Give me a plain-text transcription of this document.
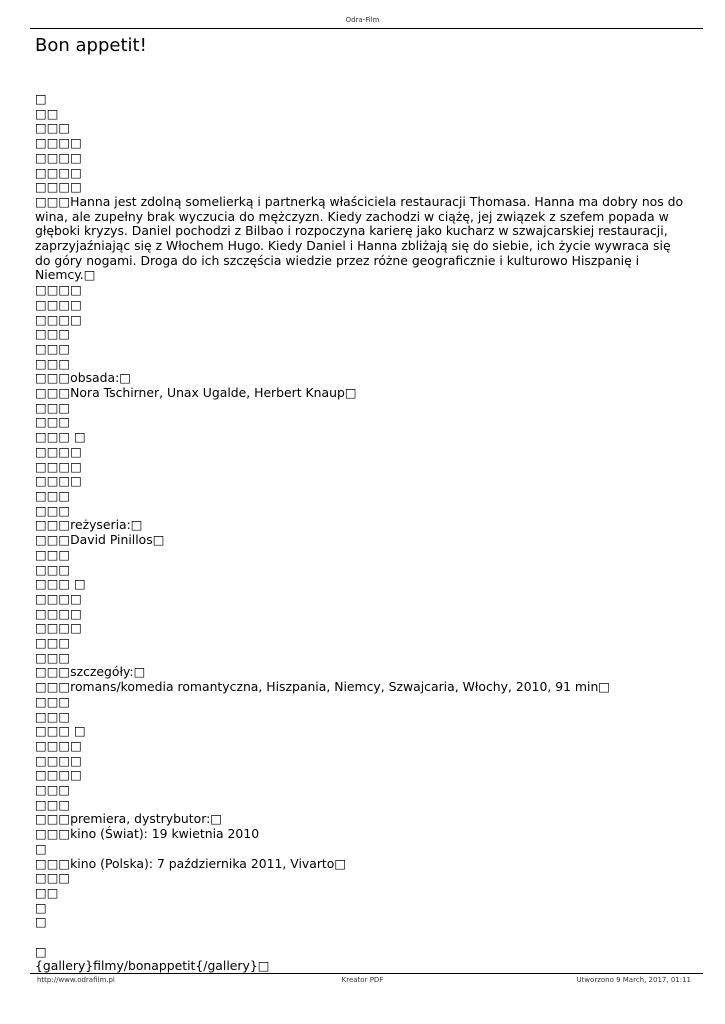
Odra-Film
Bon appetit!
□
□□
□□□
□□□□
□□□□
□□□□
□□□□
□□□Hanna jest zdolną somelierką i partnerką właściciela restauracji Thomasa. Hanna ma dobry nos do wina, ale zupełny brak wyczucia do mężczyzn. Kiedy zachodzi w ciążę, jej związek z szefem popada w głęboki kryzys. Daniel pochodzi z Bilbao i rozpoczyna karierę jako kucharz w szwajcarskiej restauracji, zaprzyjaźniając się z Włochem Hugo. Kiedy Daniel i Hanna zbliżają się do siebie, ich życie wywraca się do góry nogami. Droga do ich szczęścia wiedzie przez różne geograficznie i kulturowo Hiszpanię i Niemcy.□
□□□□
□□□□
□□□□
□□□
□□□
□□□
□□□obsada:□
□□□Nora Tschirner, Unax Ugalde, Herbert Knaup□
□□□
□□□
□□□ □
□□□□
□□□□
□□□□
□□□
□□□
□□□reżyseria:□
□□□David Pinillos□
□□□
□□□
□□□ □
□□□□
□□□□
□□□□
□□□
□□□
□□□szczegóły:□
□□□romans/komedia romantyczna, Hiszpania, Niemcy, Szwajcaria, Włochy, 2010, 91 min□
□□□
□□□
□□□ □
□□□□
□□□□
□□□□
□□□
□□□
□□□premiera, dystrybutor:□
□□□kino (Świat): 19 kwietnia 2010
□
□□□kino (Polska): 7 października 2011, Vivarto□
□□□
□□
□
□
□
{gallery}filmy/bonappetit{/gallery}□
http://www.odrafilm.pl	Kreator PDF	Utworzono 9 March, 2017, 01:11
